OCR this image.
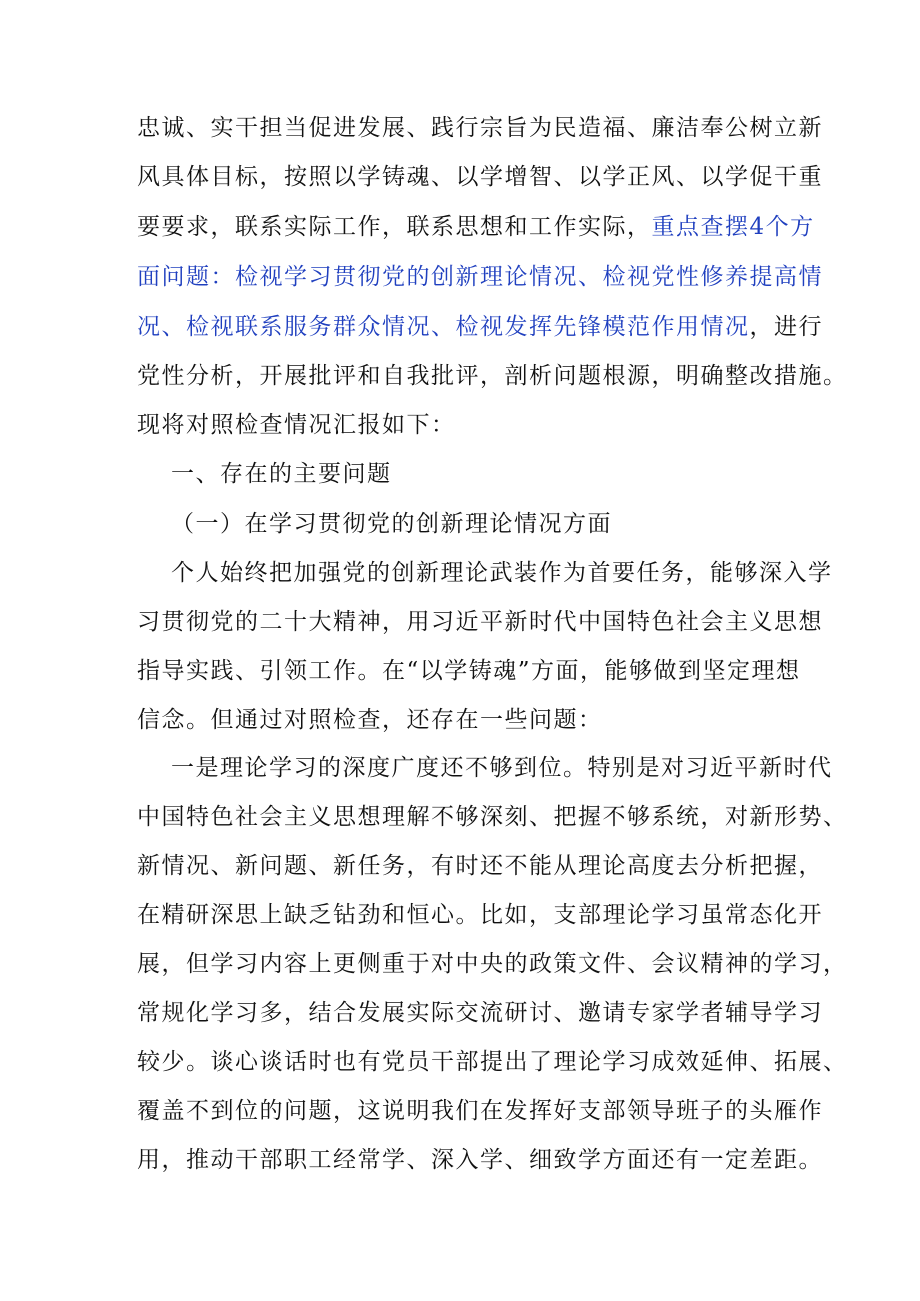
忠诚、实干担当促进发展、践行宗旨为民造福、廉洁奉公树立新
风具体目标，按照以学铸魂、以学增智、以学正风、以学促干重
要要求，联系实际工作，联系思想和工作实际，重点查摆4个方
面问题：检视学习贯彻党的创新理论情况、检视党性修养提高情
况、检视联系服务群众情况、检视发挥先锋模范作用情况，进行
党性分析，开展批评和自我批评，剖析问题根源，明确整改措施。
现将对照检查情况汇报如下：
一、存在的主要问题
（一）在学习贯彻党的创新理论情况方面
个人始终把加强党的创新理论武装作为首要任务，能够深入学
习贯彻党的二十大精神，用习近平新时代中国特色社会主义思想
指导实践、引领工作。在“以学铸魂”方面，能够做到坚定理想
信念。但通过对照检查，还存在一些问题：
一是理论学习的深度广度还不够到位。特别是对习近平新时代
中国特色社会主义思想理解不够深刻、把握不够系统，对新形势、
新情况、新问题、新任务，有时还不能从理论高度去分析把握，
在精研深思上缺乏钻劲和恒心。比如，支部理论学习虽常态化开
展，但学习内容上更侧重于对中央的政策文件、会议精神的学习，
常规化学习多，结合发展实际交流研讨、邀请专家学者辅导学习
较少。谈心谈话时也有党员干部提出了理论学习成效延伸、拓展、
覆盖不到位的问题，这说明我们在发挥好支部领导班子的头雁作
用，推动干部职工经常学、深入学、细致学方面还有一定差距。
